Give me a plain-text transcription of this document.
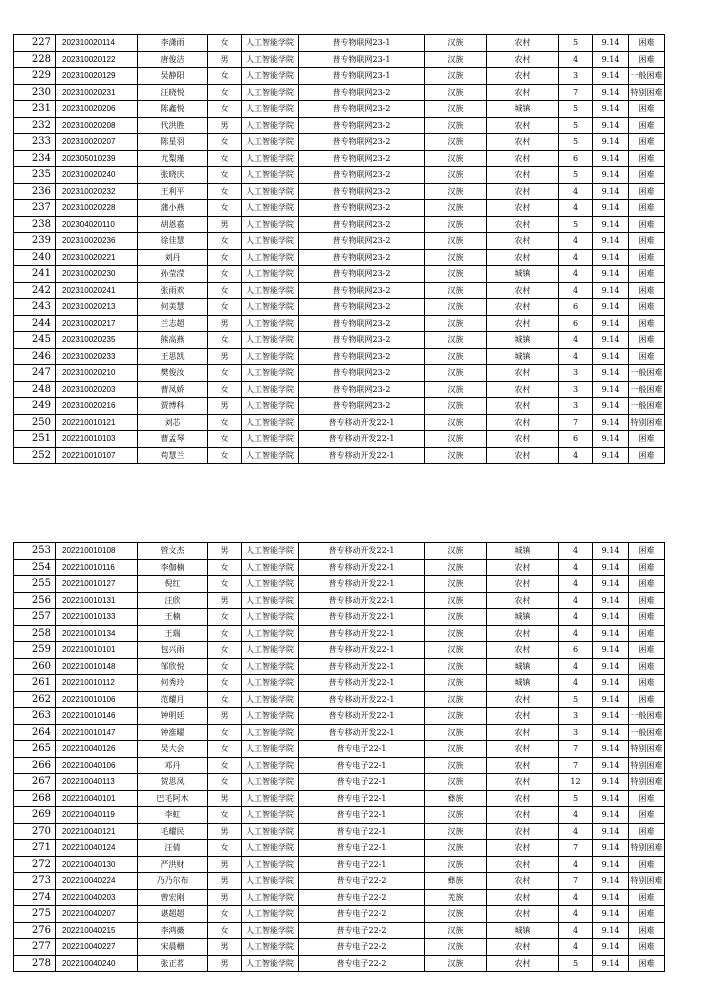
227	202310020114	李潇雨	女	人工智能学院	普专物联网23-1	汉族	农村	5	9.14	困难
228	202310020122	唐俊洁	男	人工智能学院	普专物联网23-1	汉族	农村	4	9.14	困难
229	202310020129	吴静阳	女	人工智能学院	普专物联网23-1	汉族	农村	3	9.14	一般困难
230	202310020231	汪晓悦	女	人工智能学院	普专物联网23-2	汉族	农村	7	9.14	特别困难
231	202310020206	陈鑫悦	女	人工智能学院	普专物联网23-2	汉族	城镇	5	9.14	困难
232	202310020208	代洪胜	男	人工智能学院	普专物联网23-2	汉族	农村	5	9.14	困难
233	202310020207	陈星羽	女	人工智能学院	普专物联网23-2	汉族	农村	5	9.14	困难
234	202305010239	尤梨瑾	女	人工智能学院	普专物联网23-2	汉族	农村	6	9.14	困难
235	202310020240	张晓庆	女	人工智能学院	普专物联网23-2	汉族	农村	5	9.14	困难
236	202310020232	王利平	女	人工智能学院	普专物联网23-2	汉族	农村	4	9.14	困难
237	202310020228	蒲小燕	女	人工智能学院	普专物联网23-2	汉族	农村	4	9.14	困难
238	202304020110	胡恩嘉	男	人工智能学院	普专物联网23-2	汉族	农村	5	9.14	困难
239	202310020236	徐佳慧	女	人工智能学院	普专物联网23-2	汉族	农村	4	9.14	困难
240	202310020221	刘丹	女	人工智能学院	普专物联网23-2	汉族	农村	4	9.14	困难
241	202310020230	孙莹滢	女	人工智能学院	普专物联网23-2	汉族	城镇	4	9.14	困难
242	202310020241	张雨欢	女	人工智能学院	普专物联网23-2	汉族	农村	4	9.14	困难
243	202310020213	何美慧	女	人工智能学院	普专物联网23-2	汉族	农村	6	9.14	困难
244	202310020217	兰志超	男	人工智能学院	普专物联网23-2	汉族	农村	6	9.14	困难
245	202310020235	熊高燕	女	人工智能学院	普专物联网23-2	汉族	城镇	4	9.14	困难
246	202310020233	王思凯	男	人工智能学院	普专物联网23-2	汉族	城镇	4	9.14	困难
247	202310020210	樊俊汝	女	人工智能学院	普专物联网23-2	汉族	农村	3	9.14	一般困难
248	202310020203	曹凤娇	女	人工智能学院	普专物联网23-2	汉族	农村	3	9.14	一般困难
249	202310020216	贾博科	男	人工智能学院	普专物联网23-2	汉族	农村	3	9.14	一般困难
250	202210010121	刘芯	女	人工智能学院	普专移动开发22-1	汉族	农村	7	9.14	特别困难
251	202210010103	曹孟琴	女	人工智能学院	普专移动开发22-1	汉族	农村	6	9.14	困难
252	202210010107	苟慧兰	女	人工智能学院	普专移动开发22-1	汉族	农村	4	9.14	困难
253	202210010108	管文杰	男	人工智能学院	普专移动开发22-1	汉族	城镇	4	9.14	困难
254	202210010116	李伽楠	女	人工智能学院	普专移动开发22-1	汉族	农村	4	9.14	困难
255	202210010127	倪红	女	人工智能学院	普专移动开发22-1	汉族	农村	4	9.14	困难
256	202210010131	汪欣	男	人工智能学院	普专移动开发22-1	汉族	农村	4	9.14	困难
257	202210010133	王楠	女	人工智能学院	普专移动开发22-1	汉族	城镇	4	9.14	困难
258	202210010134	王瑞	女	人工智能学院	普专移动开发22-1	汉族	农村	4	9.14	困难
259	202210010101	包兴雨	女	人工智能学院	普专移动开发22-1	汉族	农村	6	9.14	困难
260	202210010148	邹欣悦	女	人工智能学院	普专移动开发22-1	汉族	城镇	4	9.14	困难
261	202210010112	何秀玲	女	人工智能学院	普专移动开发22-1	汉族	城镇	4	9.14	困难
262	202210010106	范耀月	女	人工智能学院	普专移动开发22-1	汉族	农村	5	9.14	困难
263	202210010146	钟明廷	男	人工智能学院	普专移动开发22-1	汉族	农村	3	9.14	一般困难
264	202210010147	钟淮曜	女	人工智能学院	普专移动开发22-1	汉族	农村	3	9.14	一般困难
265	202210040126	吴大会	女	人工智能学院	普专电子22-1	汉族	农村	7	9.14	特别困难
266	202210040106	邓丹	女	人工智能学院	普专电子22-1	汉族	农村	7	9.14	特别困难
267	202210040113	贺思凤	女	人工智能学院	普专电子22-1	汉族	农村	12	9.14	特别困难
268	202210040101	巴毛阿木	男	人工智能学院	普专电子22-1	彝族	农村	5	9.14	困难
269	202210040119	李虹	女	人工智能学院	普专电子22-1	汉族	农村	4	9.14	困难
270	202210040121	毛耀民	男	人工智能学院	普专电子22-1	汉族	农村	4	9.14	困难
271	202210040124	汪倩	女	人工智能学院	普专电子22-1	汉族	农村	7	9.14	特别困难
272	202210040130	严洪财	男	人工智能学院	普专电子22-1	汉族	农村	4	9.14	困难
273	202210040224	乃乃尔布	男	人工智能学院	普专电子22-2	彝族	农村	7	9.14	特别困难
274	202210040203	曾宏刚	男	人工智能学院	普专电子22-2	羌族	农村	4	9.14	困难
275	202210040207	谌超超	女	人工智能学院	普专电子22-2	汉族	农村	4	9.14	困难
276	202210040215	李鸿薇	女	人工智能学院	普专电子22-2	汉族	城镇	4	9.14	困难
277	202210040227	宋晨栅	男	人工智能学院	普专电子22-2	汉族	农村	4	9.14	困难
278	202210040240	张正茗	男	人工智能学院	普专电子22-2	汉族	农村	5	9.14	困难
